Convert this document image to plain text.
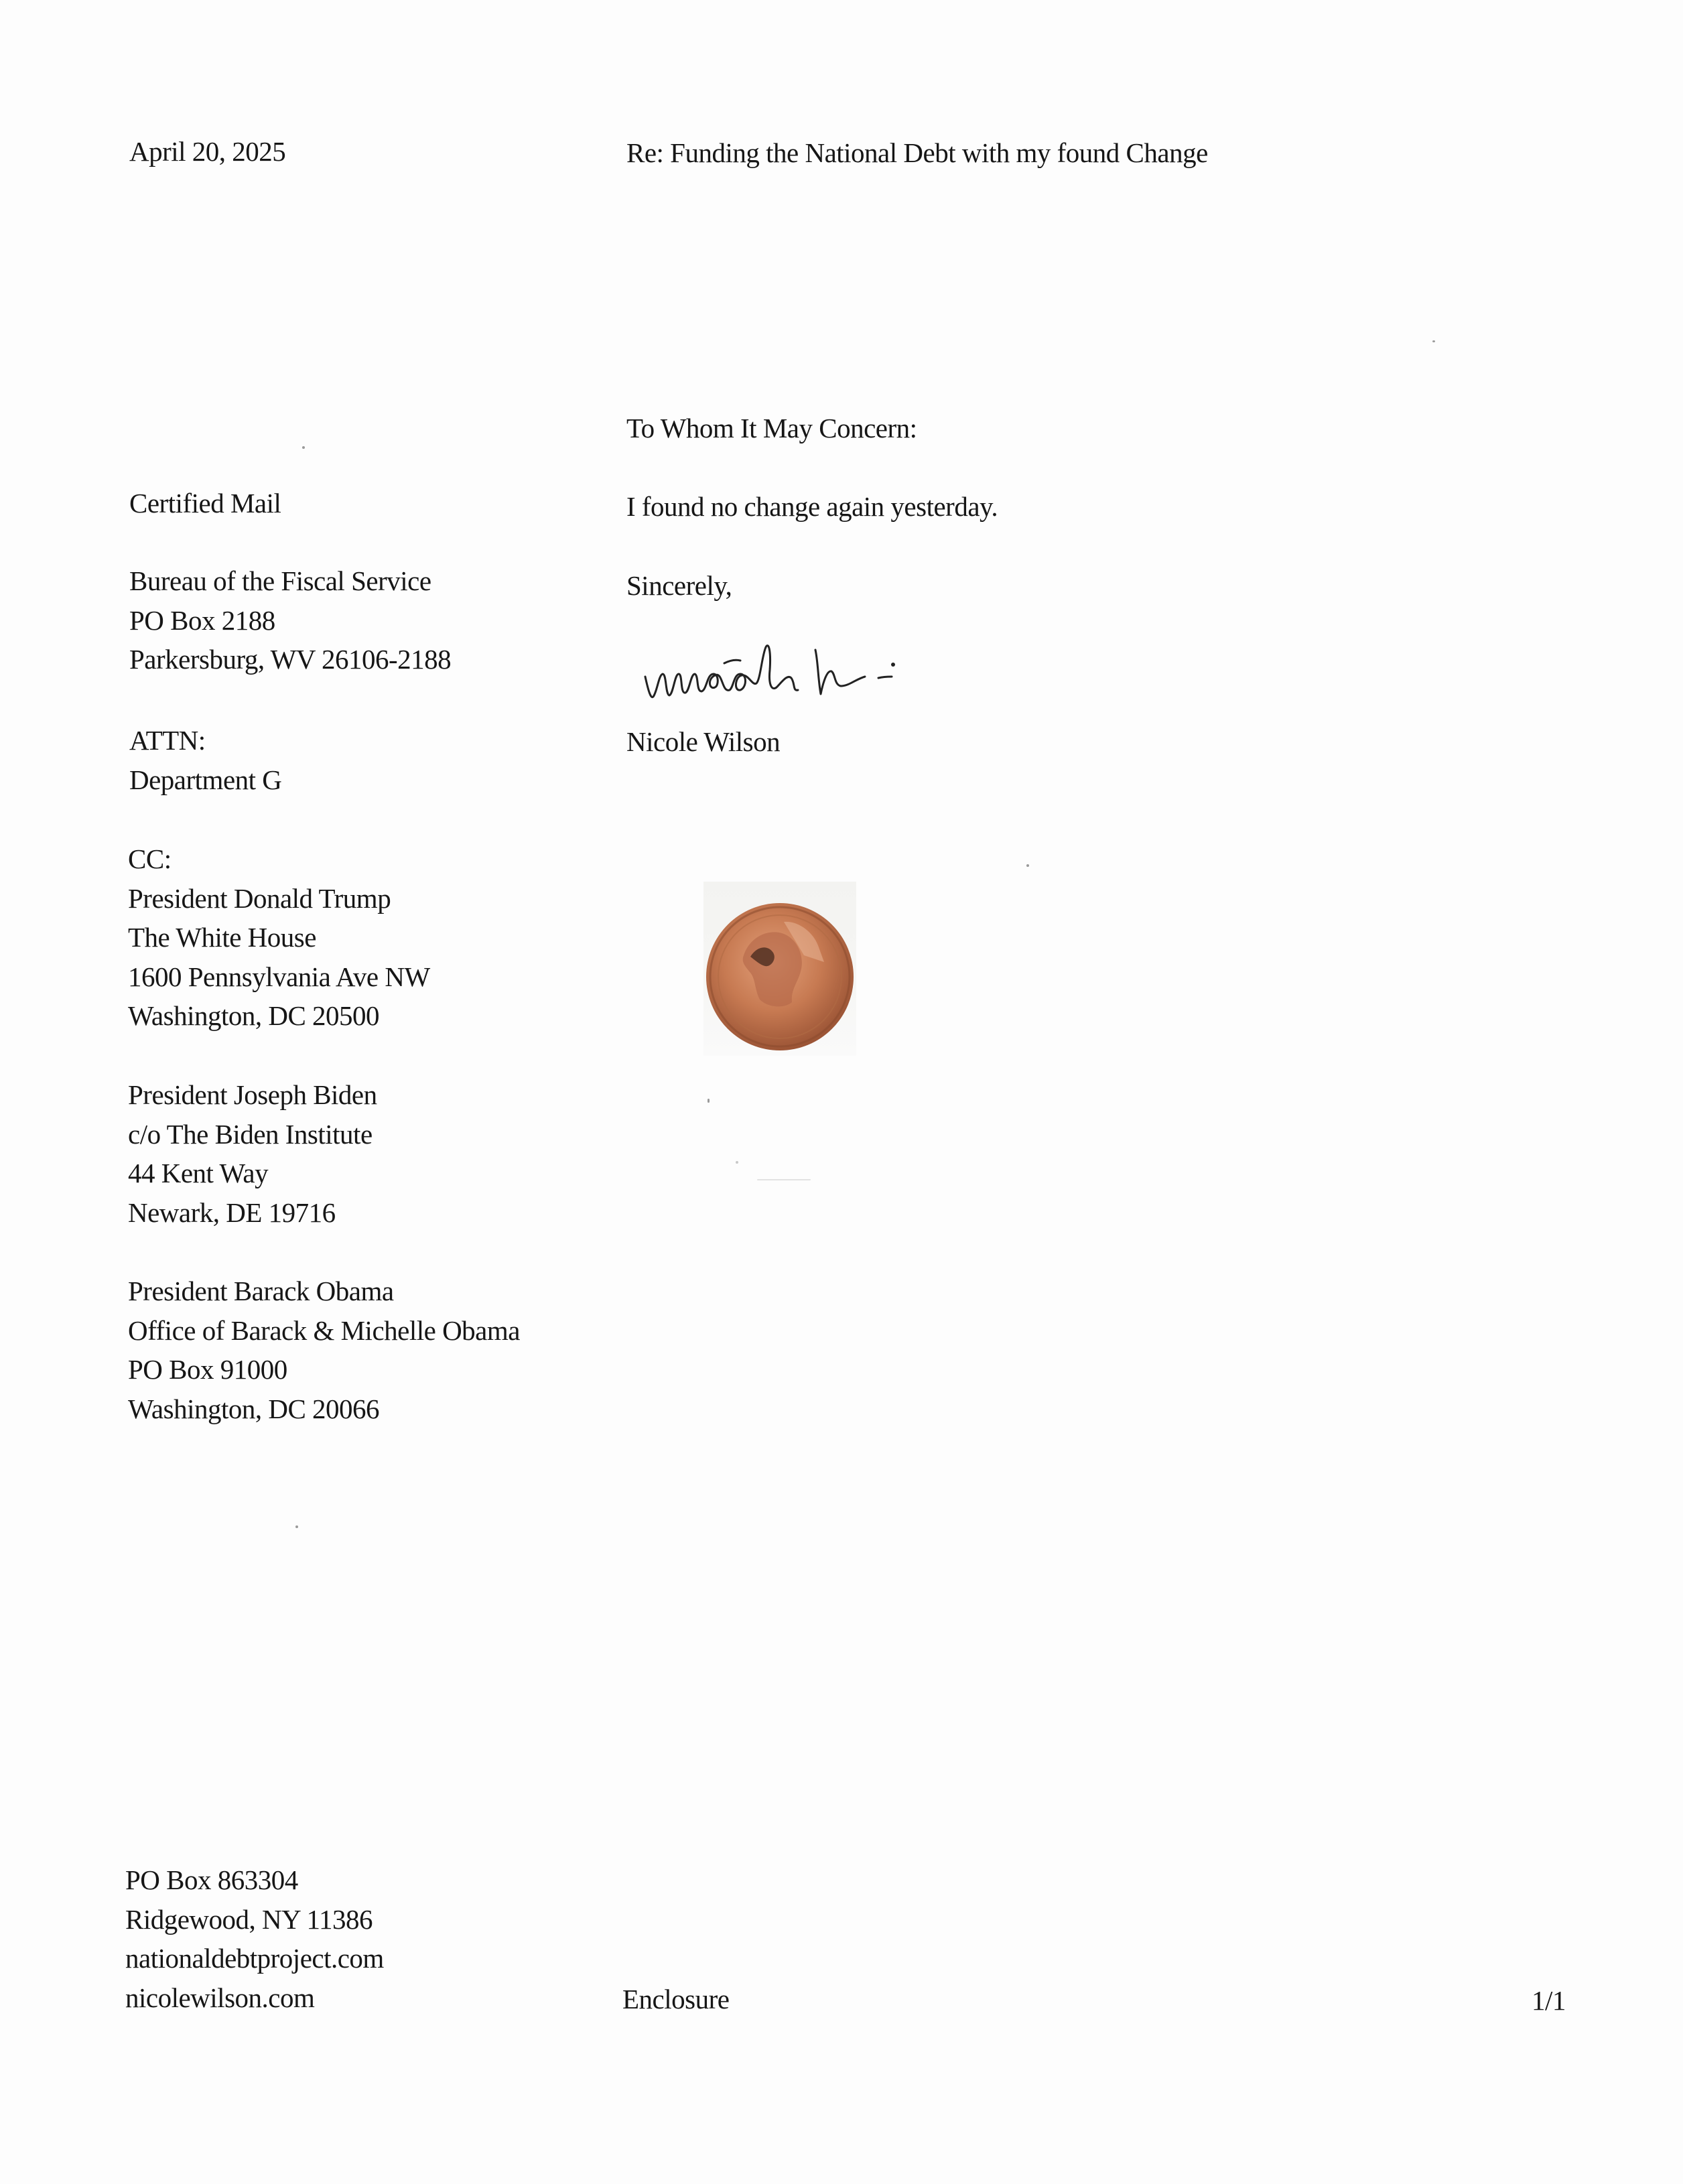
April 20, 2025	Re: Funding the National Debt with my found Change
To Whom It May Concern:
I found no change again yesterday.
Sincerely,
Nicole Wilson
Certified Mail
Bureau of the Fiscal Service
PO Box 2188
Parkersburg, WV 26106-2188
ATTN:
Department G
CC:
President Donald Trump
The White House
1600 Pennsylvania Ave NW
Washington, DC 20500
President Joseph Biden
c/o The Biden Institute
44 Kent Way
Newark, DE 19716
President Barack Obama
Office of Barack & Michelle Obama
PO Box 91000
Washington, DC 20066
PO Box 863304
Ridgewood, NY 11386
nationaldebtproject.com
nicolewilson.com	Enclosure	1/1
